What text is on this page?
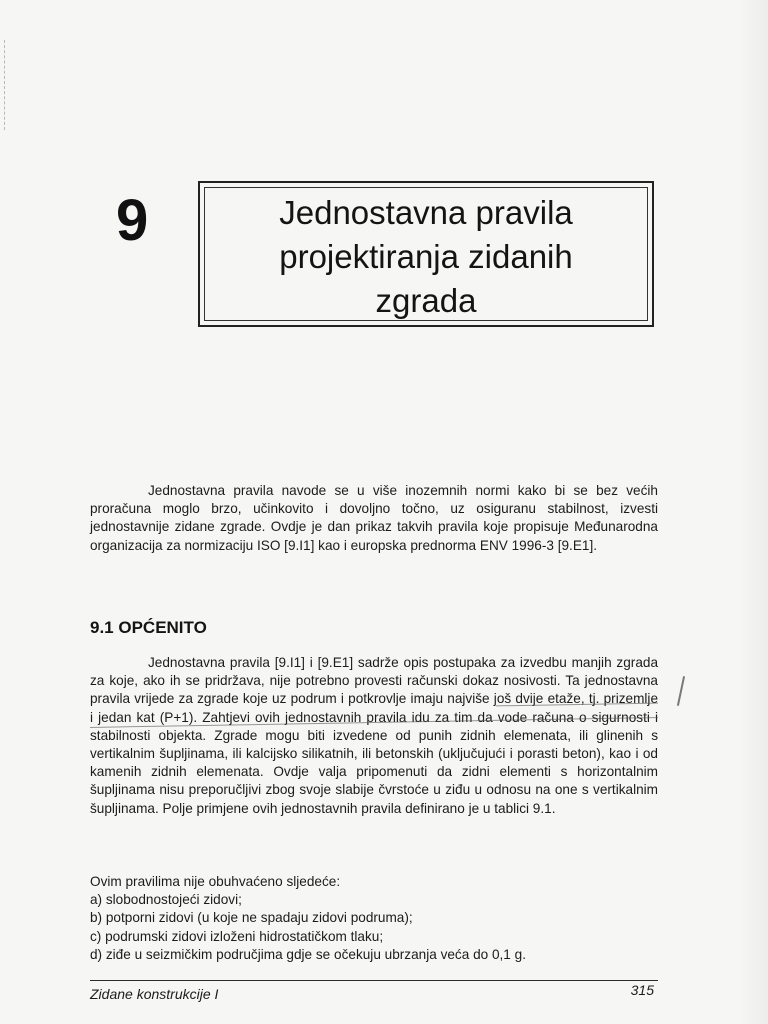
9	Jednostavna pravila
projektiranja zidanih
zgrada

Jednostavna pravila navode se u više inozemnih normi kako bi se bez većih proračuna moglo brzo, učinkovito i dovoljno točno, uz osiguranu stabilnost, izvesti jednostavnije zidane zgrade. Ovdje je dan prikaz takvih pravila koje propisuje Međunarodna organizacija za normizaciju ISO [9.I1] kao i europska prednorma ENV 1996-3 [9.E1].

9.1 OPĆENITO

Jednostavna pravila [9.I1] i [9.E1] sadrže opis postupaka za izvedbu manjih zgrada za koje, ako ih se pridržava, nije potrebno provesti računski dokaz nosivosti. Ta jednostavna pravila vrijede za zgrade koje uz podrum i potkrovlje imaju najviše još dvije etaže, tj. prizemlje i jedan kat (P+1). Zahtjevi ovih jednostavnih pravila idu za tim da vode računa o sigurnosti i stabilnosti objekta. Zgrade mogu biti izvedene od punih zidnih elemenata, ili glinenih s vertikalnim šupljinama, ili kalcijsko silikatnih, ili betonskih (uključujući i porasti beton), kao i od kamenih zidnih elemenata. Ovdje valja pripomenuti da zidni elementi s horizontalnim šupljinama nisu preporučljivi zbog svoje slabije čvrstoće u ziđu u odnosu na one s vertikalnim šupljinama. Polje primjene ovih jednostavnih pravila definirano je u tablici 9.1.

Ovim pravilima nije obuhvaćeno sljedeće:

a) slobodnostojeći zidovi;
b) potporni zidovi (u koje ne spadaju zidovi podruma);
c) podrumski zidovi izloženi hidrostatičkom tlaku;
d) ziđe u seizmičkim područjima gdje se očekuju ubrzanja veća do 0,1 g.
Zidane konstrukcije I	315
